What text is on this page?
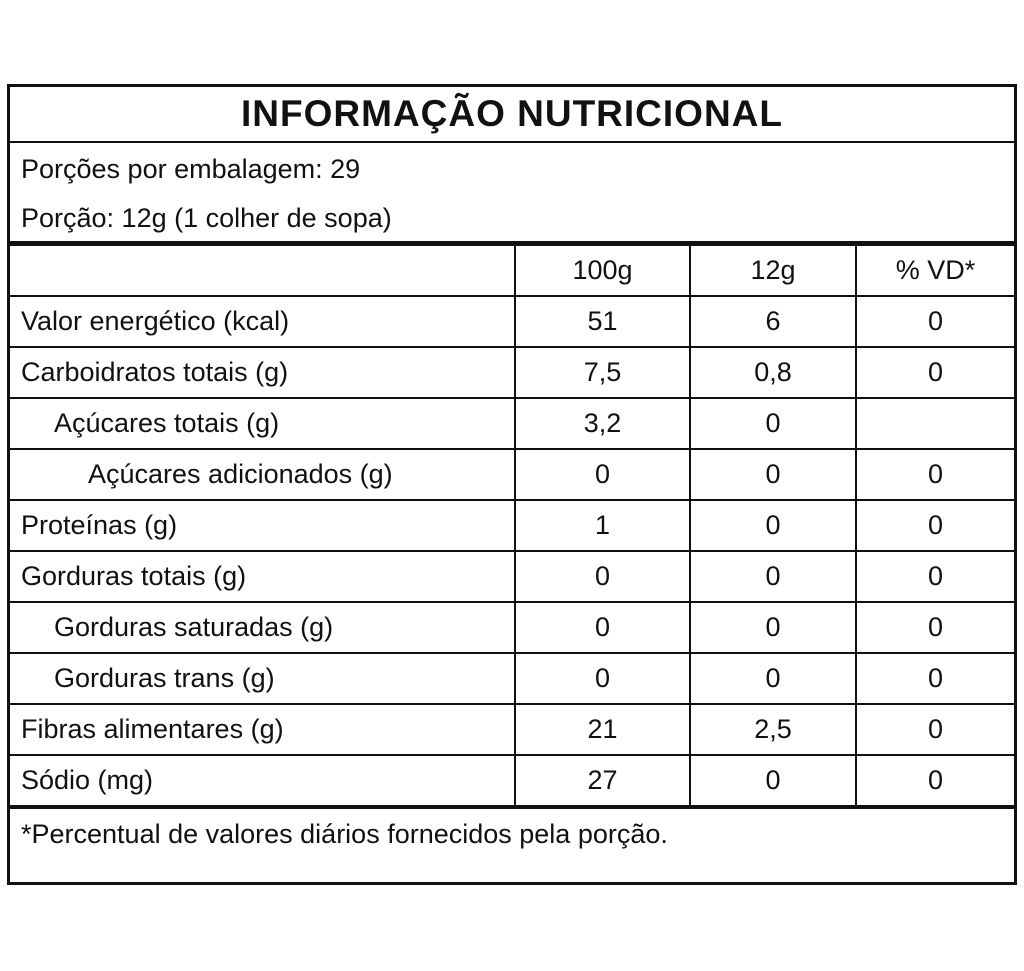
INFORMAÇÃO NUTRICIONAL
Porções por embalagem: 29
Porção: 12g (1 colher de sopa)
	100g	12g	% VD*
Valor energético (kcal)	51	6	0
Carboidratos totais (g)	7,5	0,8	0
Açúcares totais (g)	3,2	0	
Açúcares adicionados (g)	0	0	0
Proteínas (g)	1	0	0
Gorduras totais (g)	0	0	0
Gorduras saturadas (g)	0	0	0
Gorduras trans (g)	0	0	0
Fibras alimentares (g)	21	2,5	0
Sódio (mg)	27	0	0
*Percentual de valores diários fornecidos pela porção.
